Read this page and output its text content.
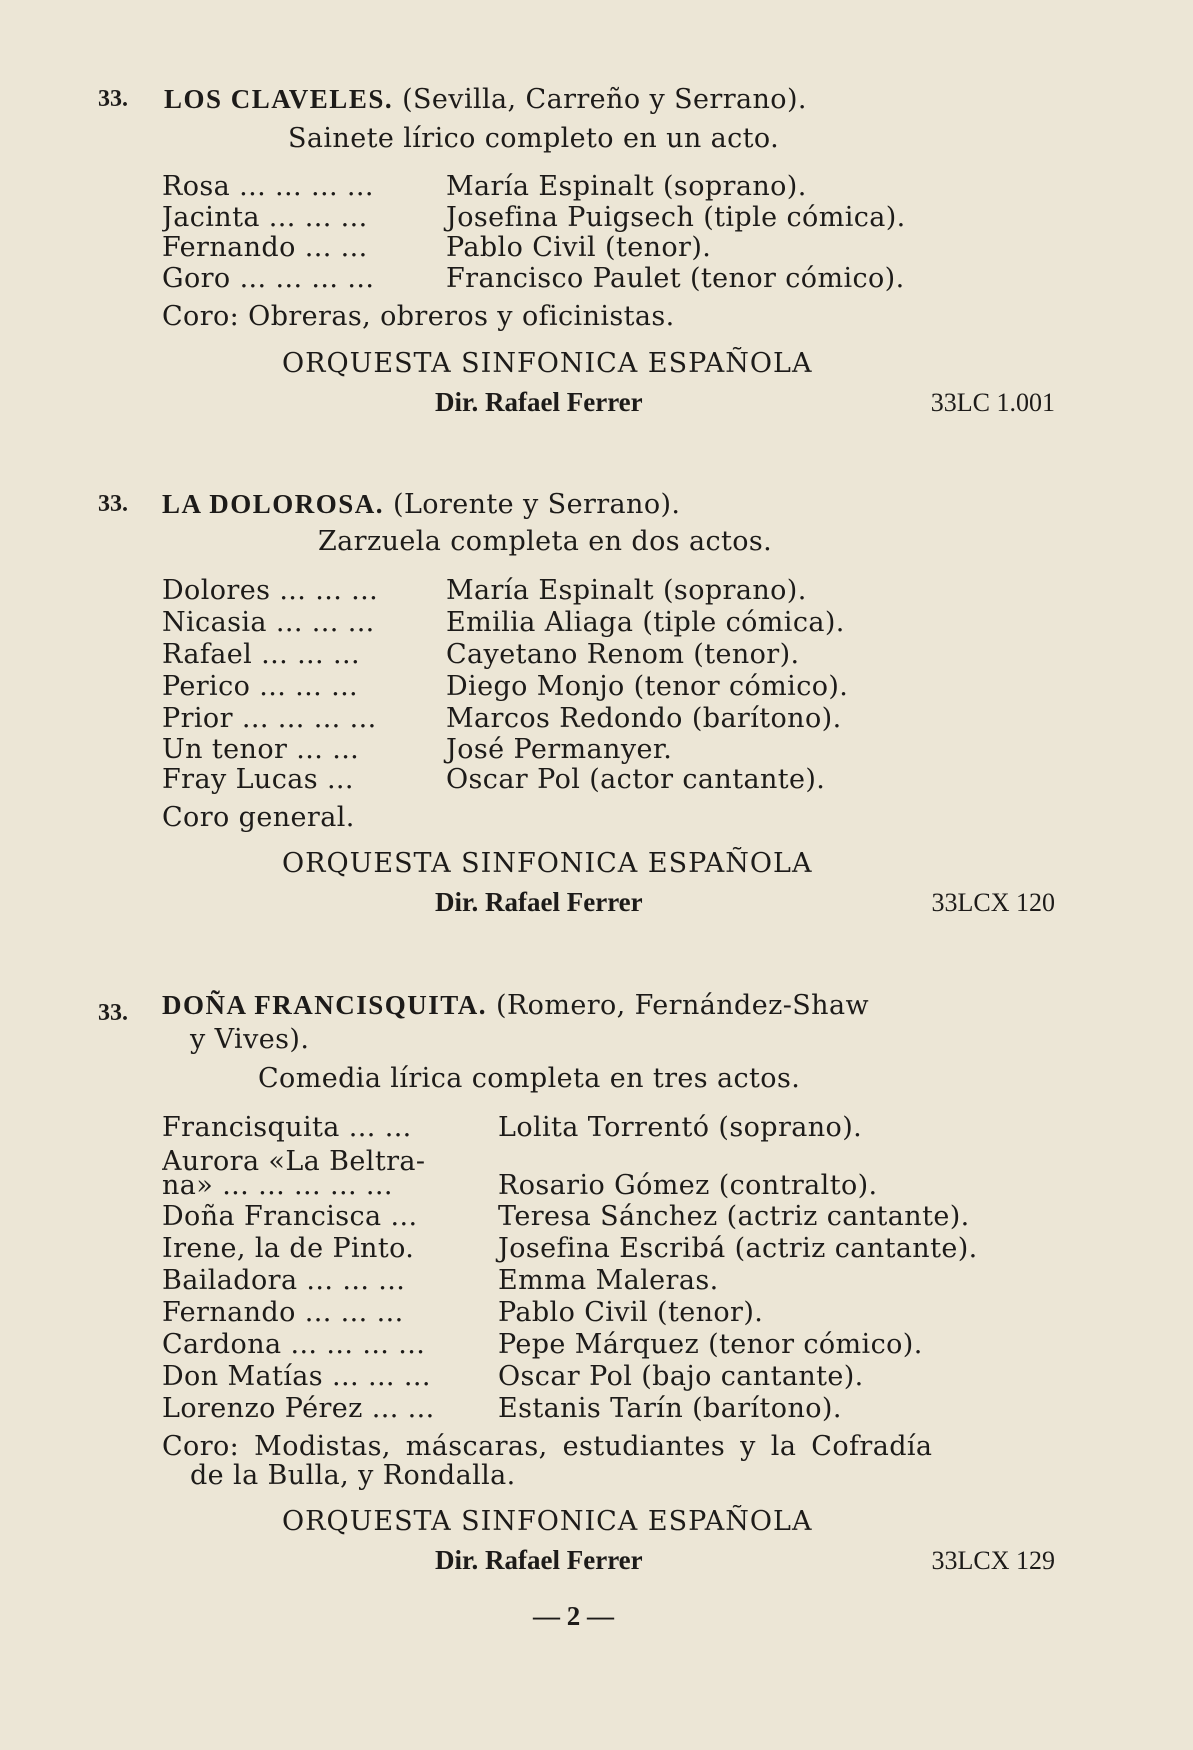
33. LOS CLAVELES. (Sevilla, Carreño y Serrano).
Sainete lírico completo en un acto.
Rosa ... ... ... ...	María Espinalt (soprano).
Jacinta ... ... ...	Josefina Puigsech (tiple cómica).
Fernando ... ...	Pablo Civil (tenor).
Goro ... ... ... ...	Francisco Paulet (tenor cómico).
Coro: Obreras, obreros y oficinistas.
ORQUESTA SINFONICA ESPAÑOLA
Dir. Rafael Ferrer	33LC 1.001
33. LA DOLOROSA. (Lorente y Serrano).
Zarzuela completa en dos actos.
Dolores ... ... ...	María Espinalt (soprano).
Nicasia ... ... ...	Emilia Aliaga (tiple cómica).
Rafael ... ... ...	Cayetano Renom (tenor).
Perico ... ... ...	Diego Monjo (tenor cómico).
Prior ... ... ... ...	Marcos Redondo (barítono).
Un tenor ... ...	José Permanyer.
Fray Lucas ...	Oscar Pol (actor cantante).
Coro general.
ORQUESTA SINFONICA ESPAÑOLA
Dir. Rafael Ferrer	33LCX 120
33. DOÑA FRANCISQUITA. (Romero, Fernández-Shaw
y Vives).
Comedia lírica completa en tres actos.
Francisquita ... ...	Lolita Torrentó (soprano).
Aurora «La Beltra-
na» ... ... ... ... ...	Rosario Gómez (contralto).
Doña Francisca ...	Teresa Sánchez (actriz cantante).
Irene, la de Pinto.	Josefina Escribá (actriz cantante).
Bailadora ... ... ...	Emma Maleras.
Fernando ... ... ...	Pablo Civil (tenor).
Cardona ... ... ... ...	Pepe Márquez (tenor cómico).
Don Matías ... ... ...	Oscar Pol (bajo cantante).
Lorenzo Pérez ... ...	Estanis Tarín (barítono).
Coro: Modistas, máscaras, estudiantes y la Cofradía
de la Bulla, y Rondalla.
ORQUESTA SINFONICA ESPAÑOLA
Dir. Rafael Ferrer	33LCX 129
— 2 —
